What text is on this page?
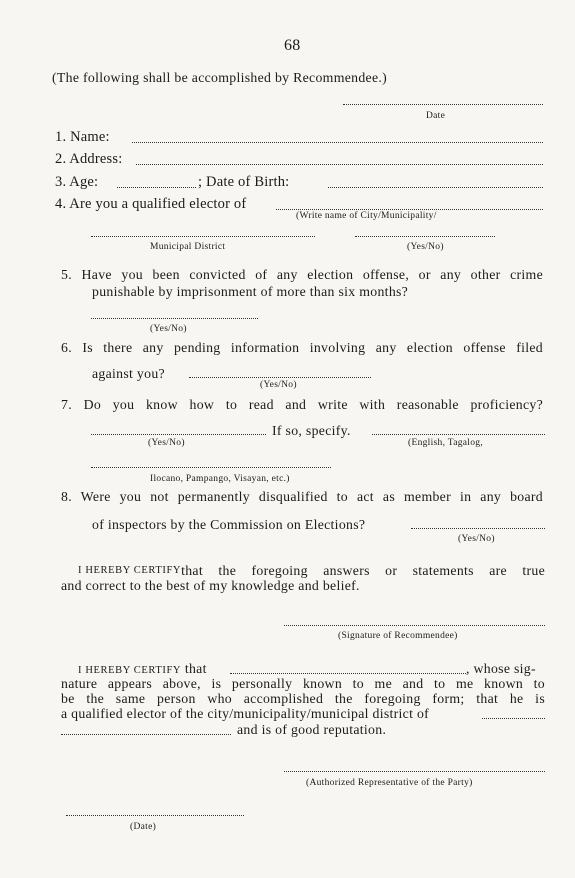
68
(The following shall be accomplished by Recommendee.)
Date
1. Name:
2. Address:
3. Age:	; Date of Birth:
4. Are you a qualified elector of
(Write name of City/Municipality/
Municipal District	(Yes/No)
5. Have you been convicted of any election offense, or any other crime
punishable by imprisonment of more than six months?
(Yes/No)
6. Is there any pending information involving any election offense filed
against you?
(Yes/No)
7. Do you know how to read and write with reasonable proficiency?
If so, specify.
(Yes/No)	(English, Tagalog,
Ilocano, Pampango, Visayan, etc.)
8. Were you not permanently disqualified to act as member in any board
of inspectors by the Commission on Elections?
(Yes/No)
I HEREBY CERTIFY that the foregoing answers or statements are true
and correct to the best of my knowledge and belief.
(Signature of Recommendee)
I HEREBY CERTIFY that	, whose sig-
nature appears above, is personally known to me and to me known to
be the same person who accomplished the foregoing form; that he is
a qualified elector of the city/municipality/municipal district of
and is of good reputation.
(Authorized Representative of the Party)
(Date)
